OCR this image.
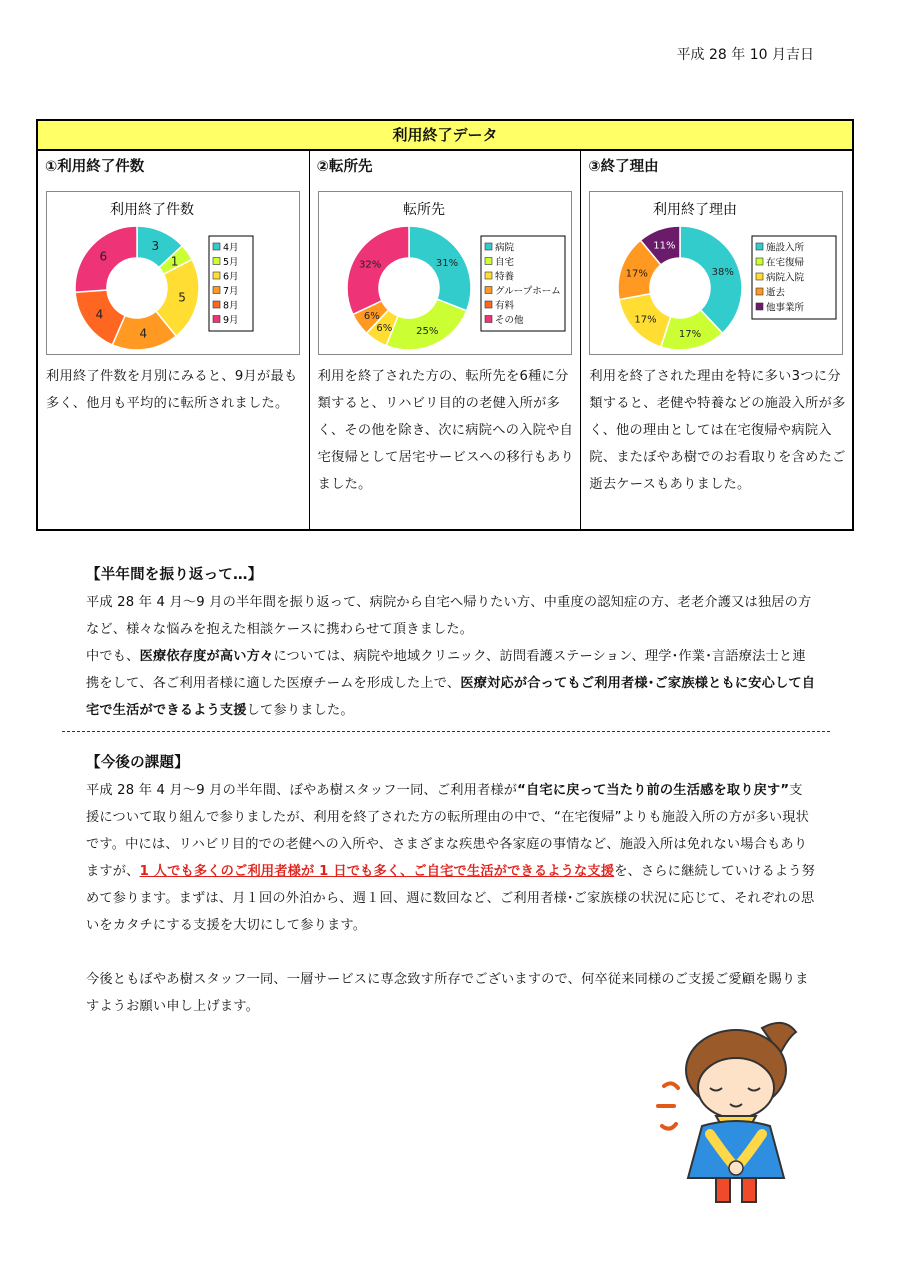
平成 28 年 10 月吉日
利用終了データ
①利用終了件数
利用終了件数
3
1
5
4
4
6
4月
5月
6月
7月
8月
9月
利用終了件数を月別にみると、9月が最も多く、他月も平均的に転所されました。
②転所先
転所先
31%
25%
6%
6%
32%
病院
自宅
特養
グループホーム
有料
その他
利用を終了された方の、転所先を6種に分類すると、リハビリ目的の老健入所が多く、その他を除き、次に病院への入院や自宅復帰として居宅サービスへの移行もありました。
③終了理由
利用終了理由
38%
17%
17%
17%
11%	施設入所
在宅復帰
病院入院
逝去
他事業所
利用を終了された理由を特に多い3つに分類すると、老健や特養などの施設入所が多く、他の理由としては在宅復帰や病院入院、またぼやあ樹でのお看取りを含めたご逝去ケースもありました。
【半年間を振り返って…】
平成 28 年 4 月～9 月の半年間を振り返って、病院から自宅へ帰りたい方、中重度の認知症の方、老老介護又は独居の方など、様々な悩みを抱えた相談ケースに携わらせて頂きました。
中でも、医療依存度が高い方々については、病院や地域クリニック、訪問看護ステーション、理学･作業･言語療法士と連携をして、各ご利用者様に適した医療チームを形成した上で、医療対応が合ってもご利用者様･ご家族様ともに安心して自宅で生活ができるよう支援して参りました。
【今後の課題】
平成 28 年 4 月～9 月の半年間、ぼやあ樹スタッフ一同、ご利用者様が“自宅に戻って当たり前の生活感を取り戻す”支援について取り組んで参りましたが、利用を終了された方の転所理由の中で、“在宅復帰”よりも施設入所の方が多い現状です。中には、リハビリ目的での老健への入所や、さまざまな疾患や各家庭の事情など、施設入所は免れない場合もありますが、1 人でも多くのご利用者様が 1 日でも多く、ご自宅で生活ができるような支援を、さらに継続していけるよう努めて参ります。まずは、月１回の外泊から、週１回、週に数回など、ご利用者様･ご家族様の状況に応じて、それぞれの思いをカタチにする支援を大切にして参ります。
今後ともぼやあ樹スタッフ一同、一層サービスに専念致す所存でございますので、何卒従来同様のご支援ご愛顧を賜りますようお願い申し上げます。
